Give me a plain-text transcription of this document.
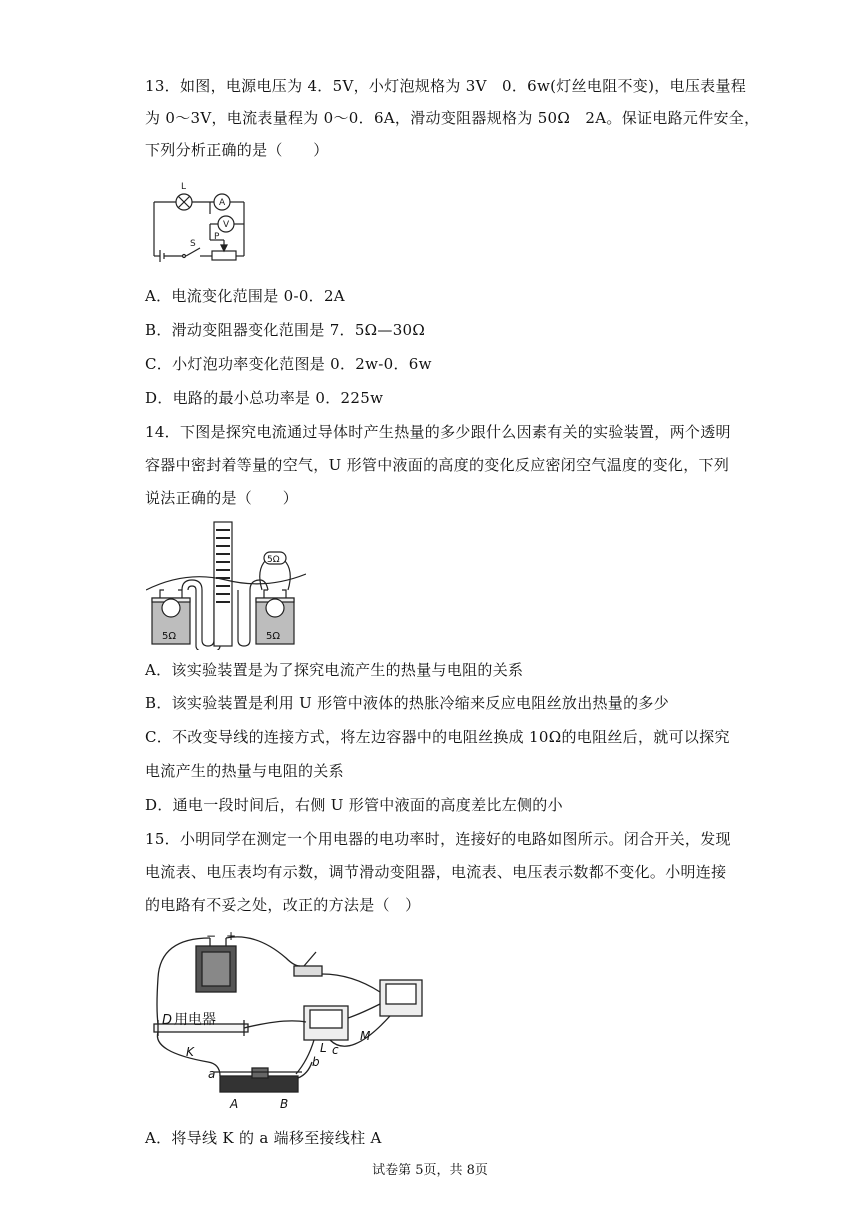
13．如图，电源电压为 4．5V，小灯泡规格为 3V　0．6w(灯丝电阻不变)，电压表量程
为 0～3V，电流表量程为 0～0．6A，滑动变阻器规格为 50Ω　2A。保证电路元件安全，
下列分析正确的是（　　）
L
A
V
S
P
A．电流变化范围是 0-0．2A
B．滑动变阻器变化范围是 7．5Ω—30Ω
C．小灯泡功率变化范图是 0．2w-0．6w
D．电路的最小总功率是 0．225w
14．下图是探究电流通过导体时产生热量的多少跟什么因素有关的实验装置，两个透明
容器中密封着等量的空气，U 形管中液面的高度的变化反应密闭空气温度的变化，下列
说法正确的是（　　）
5Ω	5Ω
5Ω
A．该实验装置是为了探究电流产生的热量与电阻的关系
B．该实验装置是利用 U 形管中液体的热胀冷缩来反应电阻丝放出热量的多少
C．不改变导线的连接方式，将左边容器中的电阻丝换成 10Ω的电阻丝后，就可以探究
电流产生的热量与电阻的关系
D．通电一段时间后，右侧 U 形管中液面的高度差比左侧的小
15．小明同学在测定一个用电器的电功率时，连接好的电路如图所示。闭合开关，发现
电流表、电压表均有示数，调节滑动变阻器，电流表、电压表示数都不变化。小明连接
的电路有不妥之处，改正的方法是（　）
− +
D 用电器
K
a
b
c
L
M
A	B
A．将导线 K 的 a 端移至接线柱 A
试卷第 5页，共 8页
